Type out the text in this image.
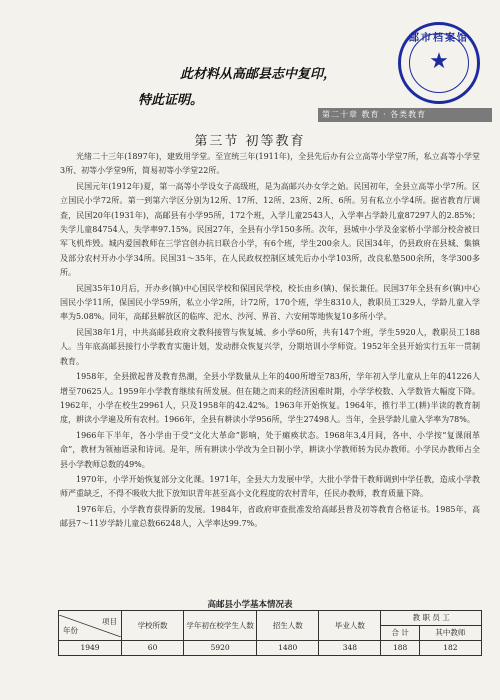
此材料从高邮县志中复印，
特此证明。
邮市档案馆
★
第二十章 教育 · 各类教育
第三节 初等教育

光绪二十三年(1897年)，建致用学堂。至宣统三年(1911年)，全县先后办有公立高等小学堂7所，私立高等小学堂3所、初等小学堂9所，简易初等小学堂22所。

民国元年(1912年)夏，第一高等小学设女子高级班，是为高邮兴办女学之始。民国初年，全县立高等小学7所。区立国民小学72所。第一到第六学区分别为12所、17所、12所、23所、2所、6所。另有私立小学4所。据省教育厅调查，民国20年(1931年)，高邮县有小学95所，172个班，入学儿童2543人，入学率占学龄儿童87297人的2.85%；失学儿童84754人，失学率97.15%。民国27年，全县有小学150多所。次年，县城中小学及金家桥小学部分校舍被日军飞机炸毁。城内爱国教师在三学宫创办抗日联合小学，有6个班，学生200余人。民国34年，仍县政府在县城、集镇及部分农村开办小学34所。民国31～35年，在人民政权控制区域先后办小学103所，改良私塾500余所，冬学300多所。

民国35年10月后，开办乡(镇)中心国民学校和保国民学校，校长由乡(镇)、保长兼任。民国37年全县有乡(镇)中心国民小学11所，保国民小学59所，私立小学2所，计72所，170个班，学生8310人，教职员工329人，学龄儿童入学率为5.08%。同年，高邮县解放区的临库、汜水、沙河、界首、六安闸等地恢复10多所小学。

民国38年1月，中共高邮县政府文教科接管与恢复城、乡小学60所，共有147个班，学生5920人，教职员工188人。当年底高邮县接行小学教育实施计划，发动群众恢复兴学，分期培训小学师资。1952年全县开始实行五年一贯制教育。

1958年，全县掀起普及教育热潮，全县小学数量从上年的400所增至783所，学年初入学儿童从上年的41226人增至70625人。1959年小学教育继续有所发展。但在随之而来的经济困难时期，小学学校数、入学数皆大幅度下降。1962年，小学在校生29961人，只及1958年的42.42%。1963年开始恢复。1964年，推行半工(耕)半读的教育制度，耕读小学遍及所有农村。1966年，全县有耕读小学956所，学生27498人。当年，全县学龄儿童入学率为78%。

1966年下半年，各小学由于受“文化大革命”影响，处于瘫痪状态。1968年3,4月间，各中、小学按“复课闹革命”，教材为领袖语录和诗词。是年，所有耕读小学改为全日制小学，耕读小学教师转为民办教师。小学民办教师占全县小学教师总数的49%。

1970年，小学开始恢复部分文化课。1971年，全县大力发展中学，大批小学骨干教师调到中学任教，造成小学教师严重缺乏，不得不吸收大批下放知识青年甚至高小文化程度的农村青年，任民办教师，教育质量下降。

1976年后，小学教育获得新的发展。1984年，省政府审查批准发给高邮县普及初等教育合格证书。1985年，高邮县7～11岁学龄儿童总数66248人，入学率达99.7%。

高邮县小学基本情况表
项目
年份	学校所数	学年初在校学生人数	招生人数	毕业人数	教 职 员 工	
					合 计	其中教师
1949	60	5920	1480	348	188	182
